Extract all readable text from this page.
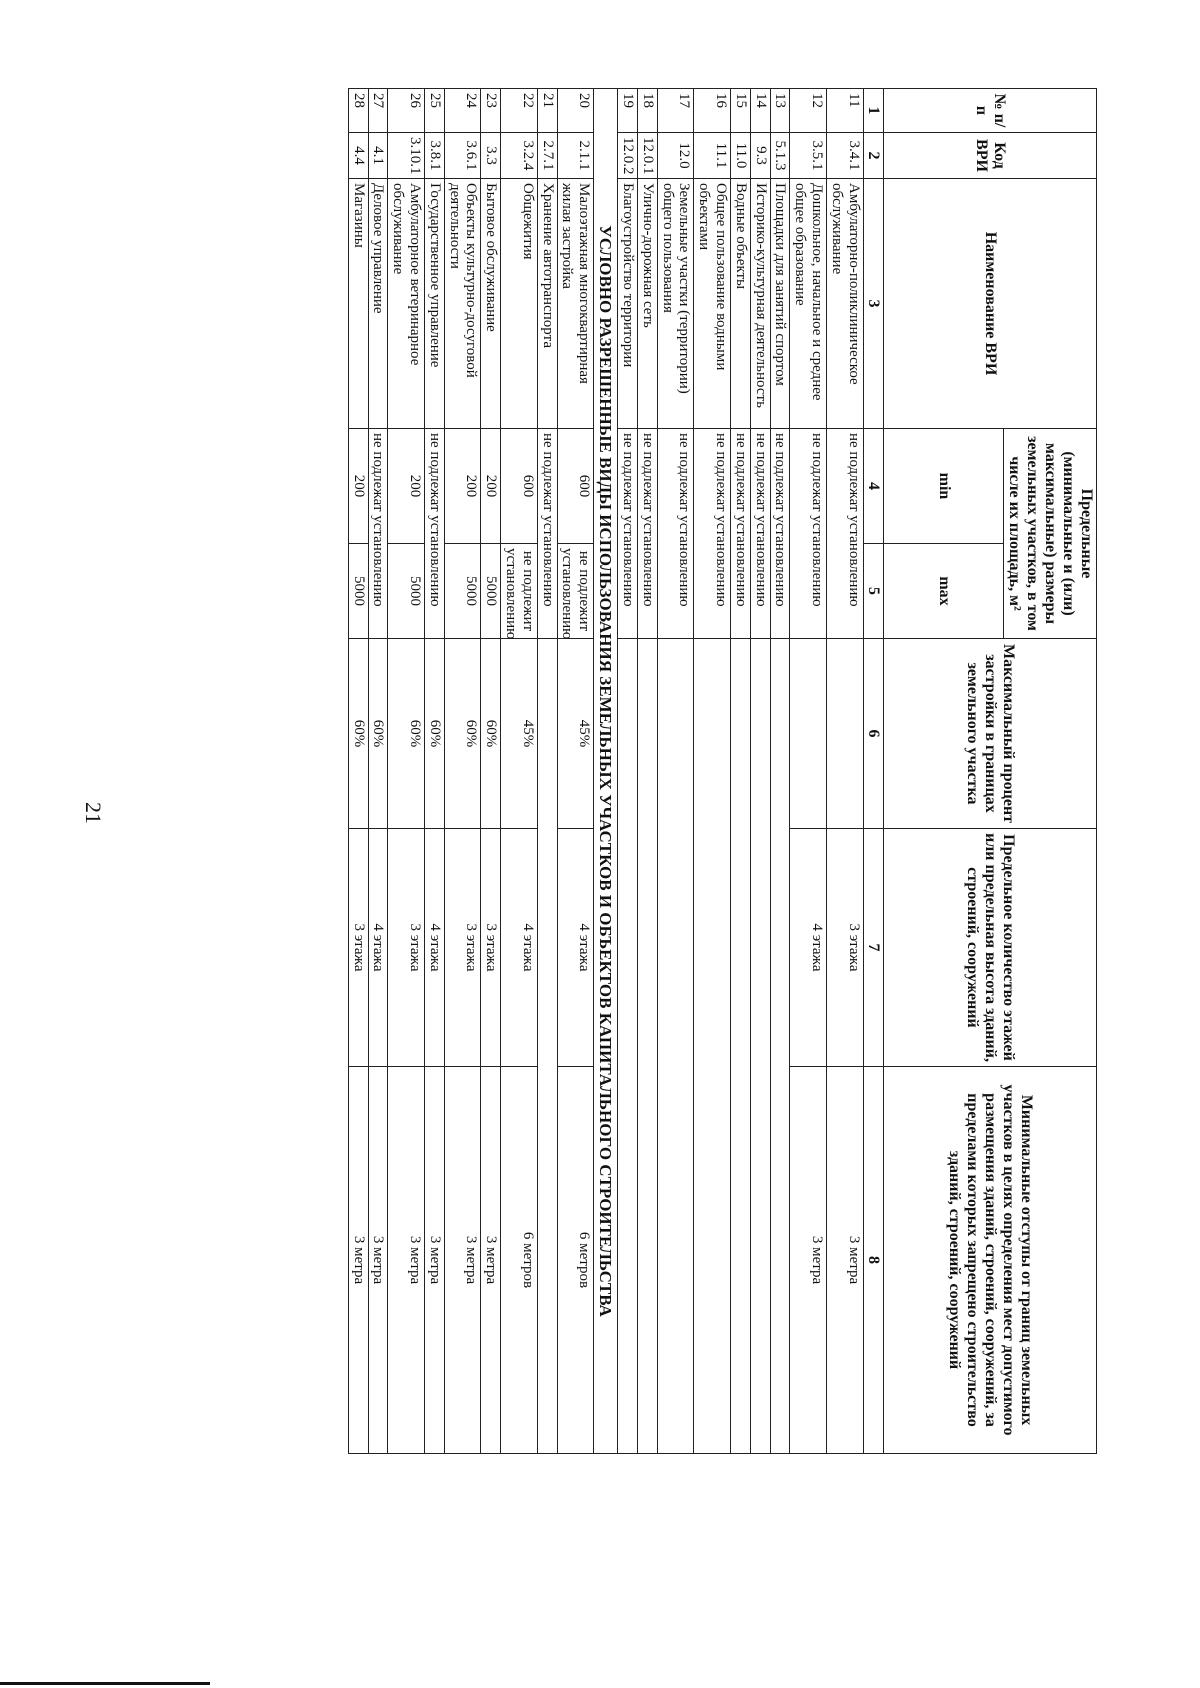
21
№ п/п	Код ВРИ	Наименование ВРИ	Предельные (минимальные и (или) максимальные) размеры земельных участков, в том числе их площадь, м²		Максимальный процент застройки в границах земельного участка	Предельное количество этажей или предельная высота зданий, строений, сооружений	Минимальные отступы от границ земельных участков в целях определения мест допустимого размещения зданий, строений, сооружений, за пределами которых запрещено строительство зданий, строений, сооружений
			min	max			
1	2	3	4	5	6	7	8
11	3.4.1	Амбулаторно-поликлиническое обслуживание	не подлежат установлению			3 этажа	3 метра
12	3.5.1	Дошкольное, начальное и среднее общее образование	не подлежат установлению			4 этажа	3 метра
13	5.1.3	Площадки для занятий спортом	не подлежат установлению				
14	9.3	Историко-культурная деятельность	не подлежат установлению				
15	11.0	Водные объекты	не подлежат установлению				
16	11.1	Общее пользование водными объектами	не подлежат установлению				
17	12.0	Земельные участки (территории) общего пользования	не подлежат установлению				
18	12.0.1	Улично-дорожная сеть	не подлежат установлению				
19	12.0.2	Благоустройство территории	не подлежат установлению				
УСЛОВНО РАЗРЕШЕННЫЕ ВИДЫ ИСПОЛЬЗОВАНИЯ ЗЕМЕЛЬНЫХ УЧАСТКОВ И ОБЪЕКТОВ КАПИТАЛЬНОГО СТРОИТЕЛЬСТВА							
20	2.1.1	Малоэтажная многоквартирная жилая застройка	600	не подлежит установлению	45%	4 этажа	6 метров
21	2.7.1	Хранение автотранспорта	не подлежат установлению				
22	3.2.4	Общежития	600	не подлежит установлению	45%	4 этажа	6 метров
23	3.3	Бытовое обслуживание	200	5000	60%	3 этажа	3 метра
24	3.6.1	Объекты культурно-досуговой деятельности	200	5000	60%	3 этажа	3 метра
25	3.8.1	Государственное управление	не подлежат установлению		60%	4 этажа	3 метра
26	3.10.1	Амбулаторное ветеринарное обслуживание	200	5000	60%	3 этажа	3 метра
27	4.1	Деловое управление	не подлежат установлению		60%	4 этажа	3 метра
28	4.4	Магазины	200	5000	60%	3 этажа	3 метра
